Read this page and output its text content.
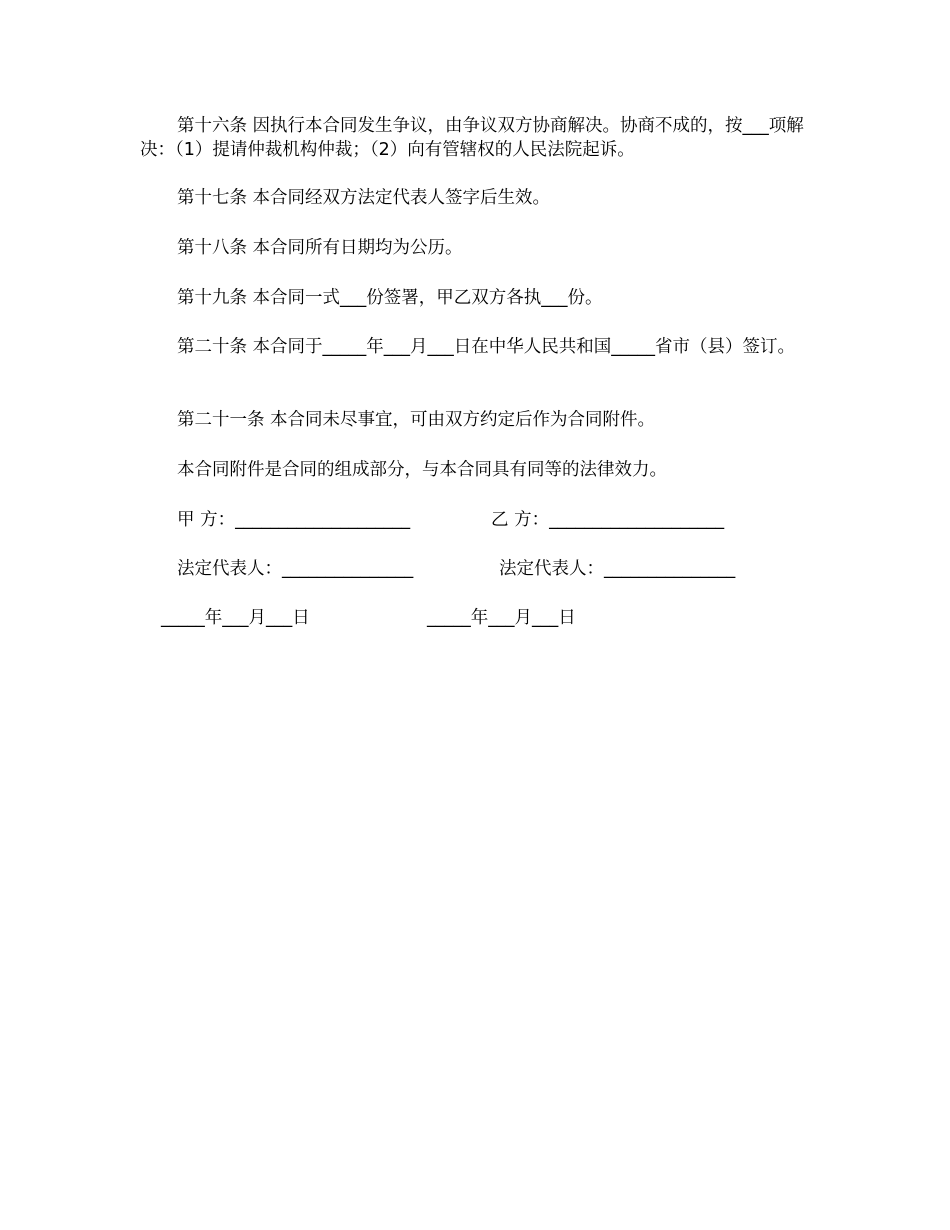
第十六条 因执行本合同发生争议，由争议双方协商解决。协商不成的，按___项解决：（1）提请仲裁机构仲裁；（2）向有管辖权的人民法院起诉。

第十七条 本合同经双方法定代表人签字后生效。

第十八条 本合同所有日期均为公历。

第十九条 本合同一式___份签署，甲乙双方各执___份。

第二十条 本合同于_____年___月___日在中华人民共和国_____省市（县）签订。

第二十一条 本合同未尽事宜，可由双方约定后作为合同附件。

本合同附件是合同的组成部分，与本合同具有同等的法律效力。

甲 方：____________________	乙 方：____________________
法定代表人：_______________	法定代表人：_______________
_____年___月___日	_____年___月___日
